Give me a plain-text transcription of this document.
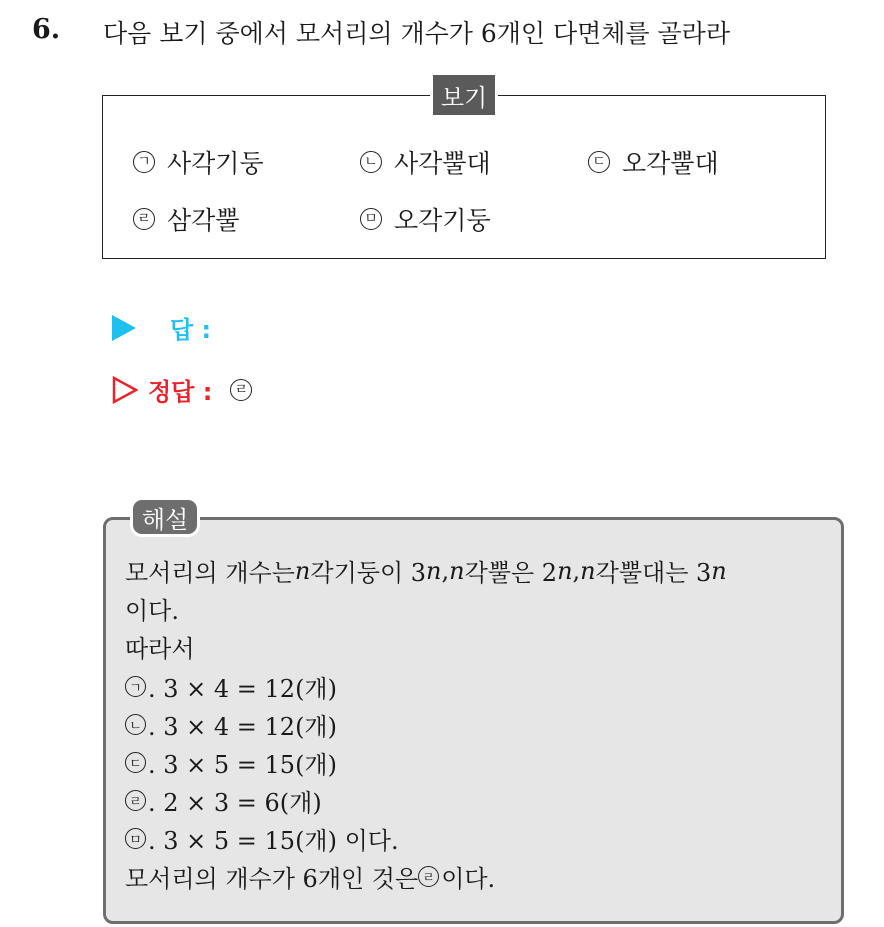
6. 다음 보기 중에서 모서리의 개수가 6개인 다면체를 골라라
보기
ㄱ 사각기둥	ㄴ 사각뿔대	ㄷ 오각뿔대
ㄹ 삼각뿔	ㅁ 오각기둥
답 :
정답 :	ㄹ
해설
모서리의 개수는 n 각기둥이 3 n , n 각뿔은 2 n , n 각뿔대는 3 n
이다.
따라서
ㄱ . 3 × 4 = 12(개)
ㄴ . 3 × 4 = 12(개)
ㄷ . 3 × 5 = 15(개)
ㄹ . 2 × 3 = 6(개)
ㅁ . 3 × 5 = 15(개) 이다.
모서리의 개수가 6개인 것은 ㄹ 이다.
